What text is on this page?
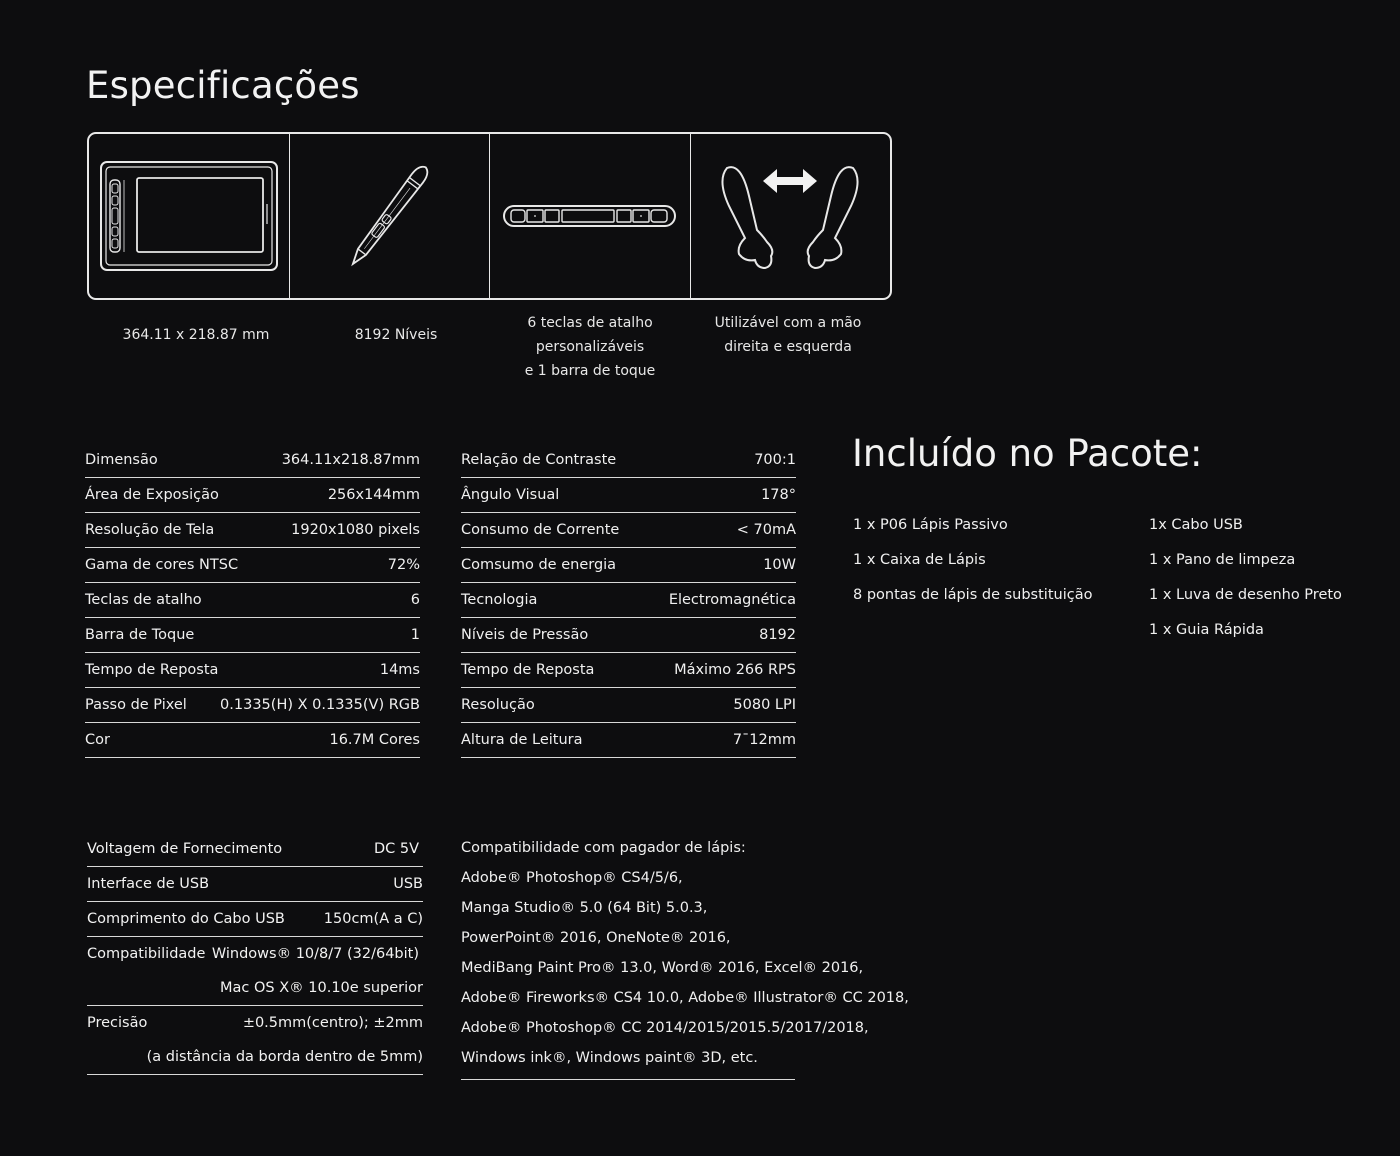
Especificações
364.11 x 218.87 mm	8192 Níveis
6 teclas de atalho personalizáveis
e 1 barra de toque
Utilizável com a mão
direita e esquerda
Dimensão	364.11x218.87mm
Área de Exposição	256x144mm
Resolução de Tela	1920x1080 pixels
Gama de cores NTSC	72%
Teclas de atalho	6
Barra de Toque	1
Tempo de Reposta	14ms
Passo de Pixel 0.1335(H) X 0.1335(V) RGB
Cor	16.7M Cores
Relação de Contraste	700:1
Ângulo Visual	178°
Consumo de Corrente	< 70mA
Comsumo de energia	10W
Tecnologia	Electromagnética
Níveis de Pressão	8192
Tempo de Reposta	Máximo 266 RPS
Resolução	5080 LPI
Altura de Leitura	7¯12mm
Incluído no Pacote:
1 x P06 Lápis Passivo
1 x Caixa de Lápis
8 pontas de lápis de substituição
1x Cabo USB
1 x Pano de limpeza
1 x Luva de desenho Preto
1 x Guia Rápida
Voltagem de Fornecimento	DC 5V
Interface de USB	USB
Comprimento do Cabo USB	150cm(A a C)
Compatibilidade Windows® 10/8/7 (32/64bit)
Mac OS X® 10.10e superior
Precisão	±0.5mm(centro); ±2mm
(a distância da borda dentro de 5mm)
Compatibilidade com pagador de lápis:
Adobe® Photoshop® CS4/5/6,
Manga Studio® 5.0 (64 Bit) 5.0.3,
PowerPoint® 2016, OneNote® 2016,
MediBang Paint Pro® 13.0, Word® 2016, Excel® 2016,
Adobe® Fireworks® CS4 10.0, Adobe® Illustrator® CC 2018,
Adobe® Photoshop® CC 2014/2015/2015.5/2017/2018,
Windows ink®, Windows paint® 3D, etc.
